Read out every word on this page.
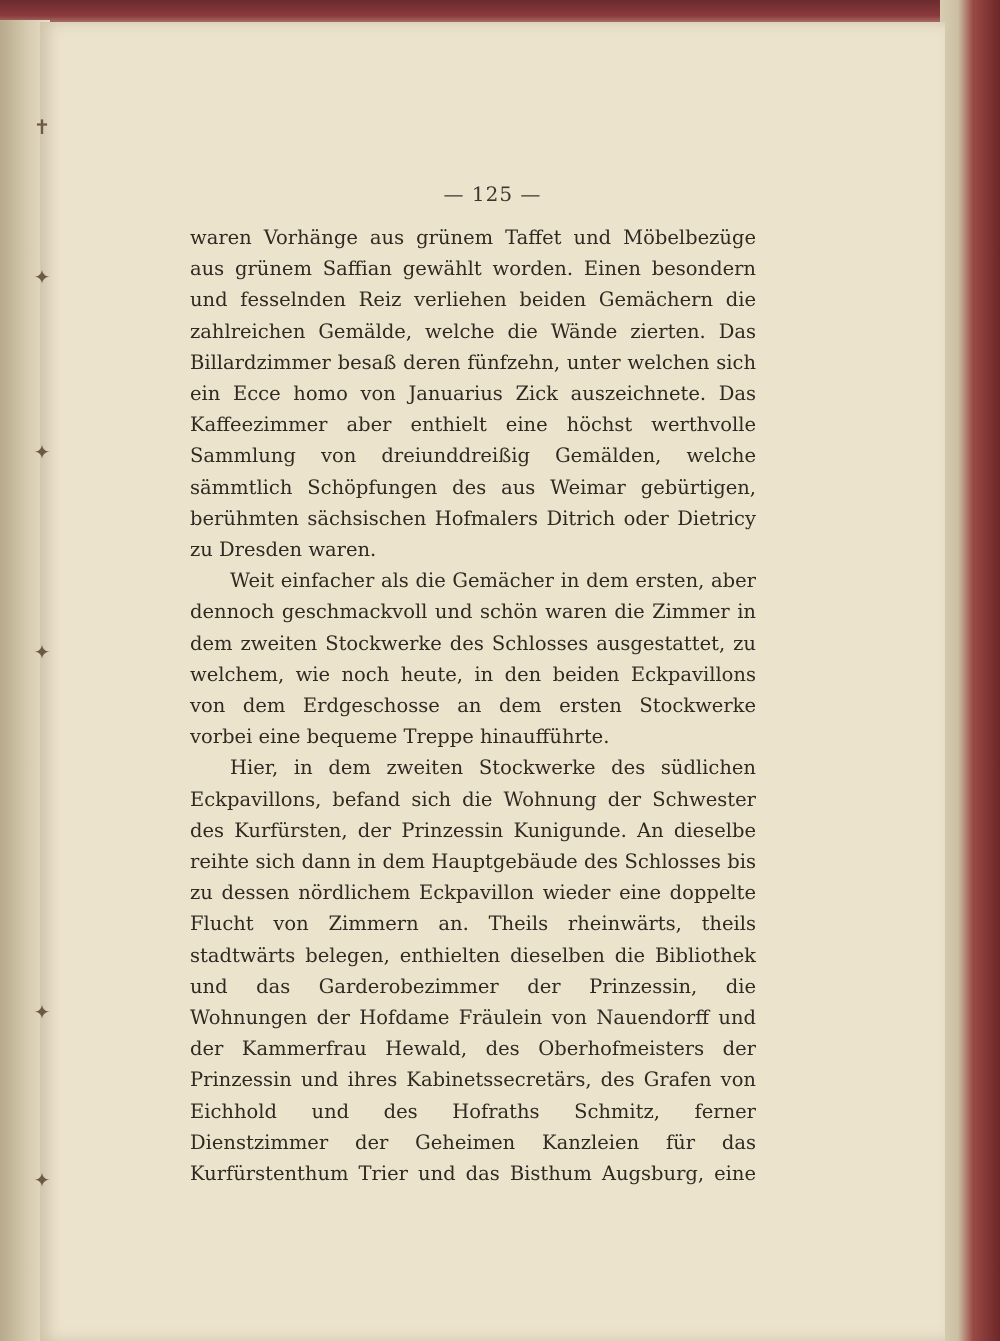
— 125 —

waren Vorhänge aus grünem Taffet und Möbelbezüge aus grünem Saffian gewählt worden. Einen besondern und fesselnden Reiz verliehen beiden Gemächern die zahlreichen Gemälde, welche die Wände zierten. Das Billardzimmer besaß deren fünfzehn, unter welchen sich ein Ecce homo von Januarius Zick auszeichnete. Das Kaffeezimmer aber enthielt eine höchst werthvolle Sammlung von dreiunddreißig Gemälden, welche sämmtlich Schöpfungen des aus Weimar gebürtigen, berühmten sächsischen Hofmalers Ditrich oder Dietricy zu Dresden waren.

Weit einfacher als die Gemächer in dem ersten, aber dennoch geschmackvoll und schön waren die Zimmer in dem zweiten Stockwerke des Schlosses ausgestattet, zu welchem, wie noch heute, in den beiden Eckpavillons von dem Erdgeschosse an dem ersten Stockwerke vorbei eine bequeme Treppe hinaufführte.

Hier, in dem zweiten Stockwerke des südlichen Eckpavillons, befand sich die Wohnung der Schwester des Kurfürsten, der Prinzessin Kunigunde. An dieselbe reihte sich dann in dem Hauptgebäude des Schlosses bis zu dessen nördlichem Eckpavillon wieder eine doppelte Flucht von Zimmern an. Theils rheinwärts, theils stadtwärts belegen, enthielten dieselben die Bibliothek und das Garderobezimmer der Prinzessin, die Wohnungen der Hofdame Fräulein von Nauendorff und der Kammerfrau Hewald, des Oberhofmeisters der Prinzessin und ihres Kabinetssecretärs, des Grafen von Eichhold und des Hofraths Schmitz, ferner Dienstzimmer der Geheimen Kanzleien für das Kurfürstenthum Trier und das Bisthum Augsburg, eine

✝
✦
✦
✦
✦
✦
